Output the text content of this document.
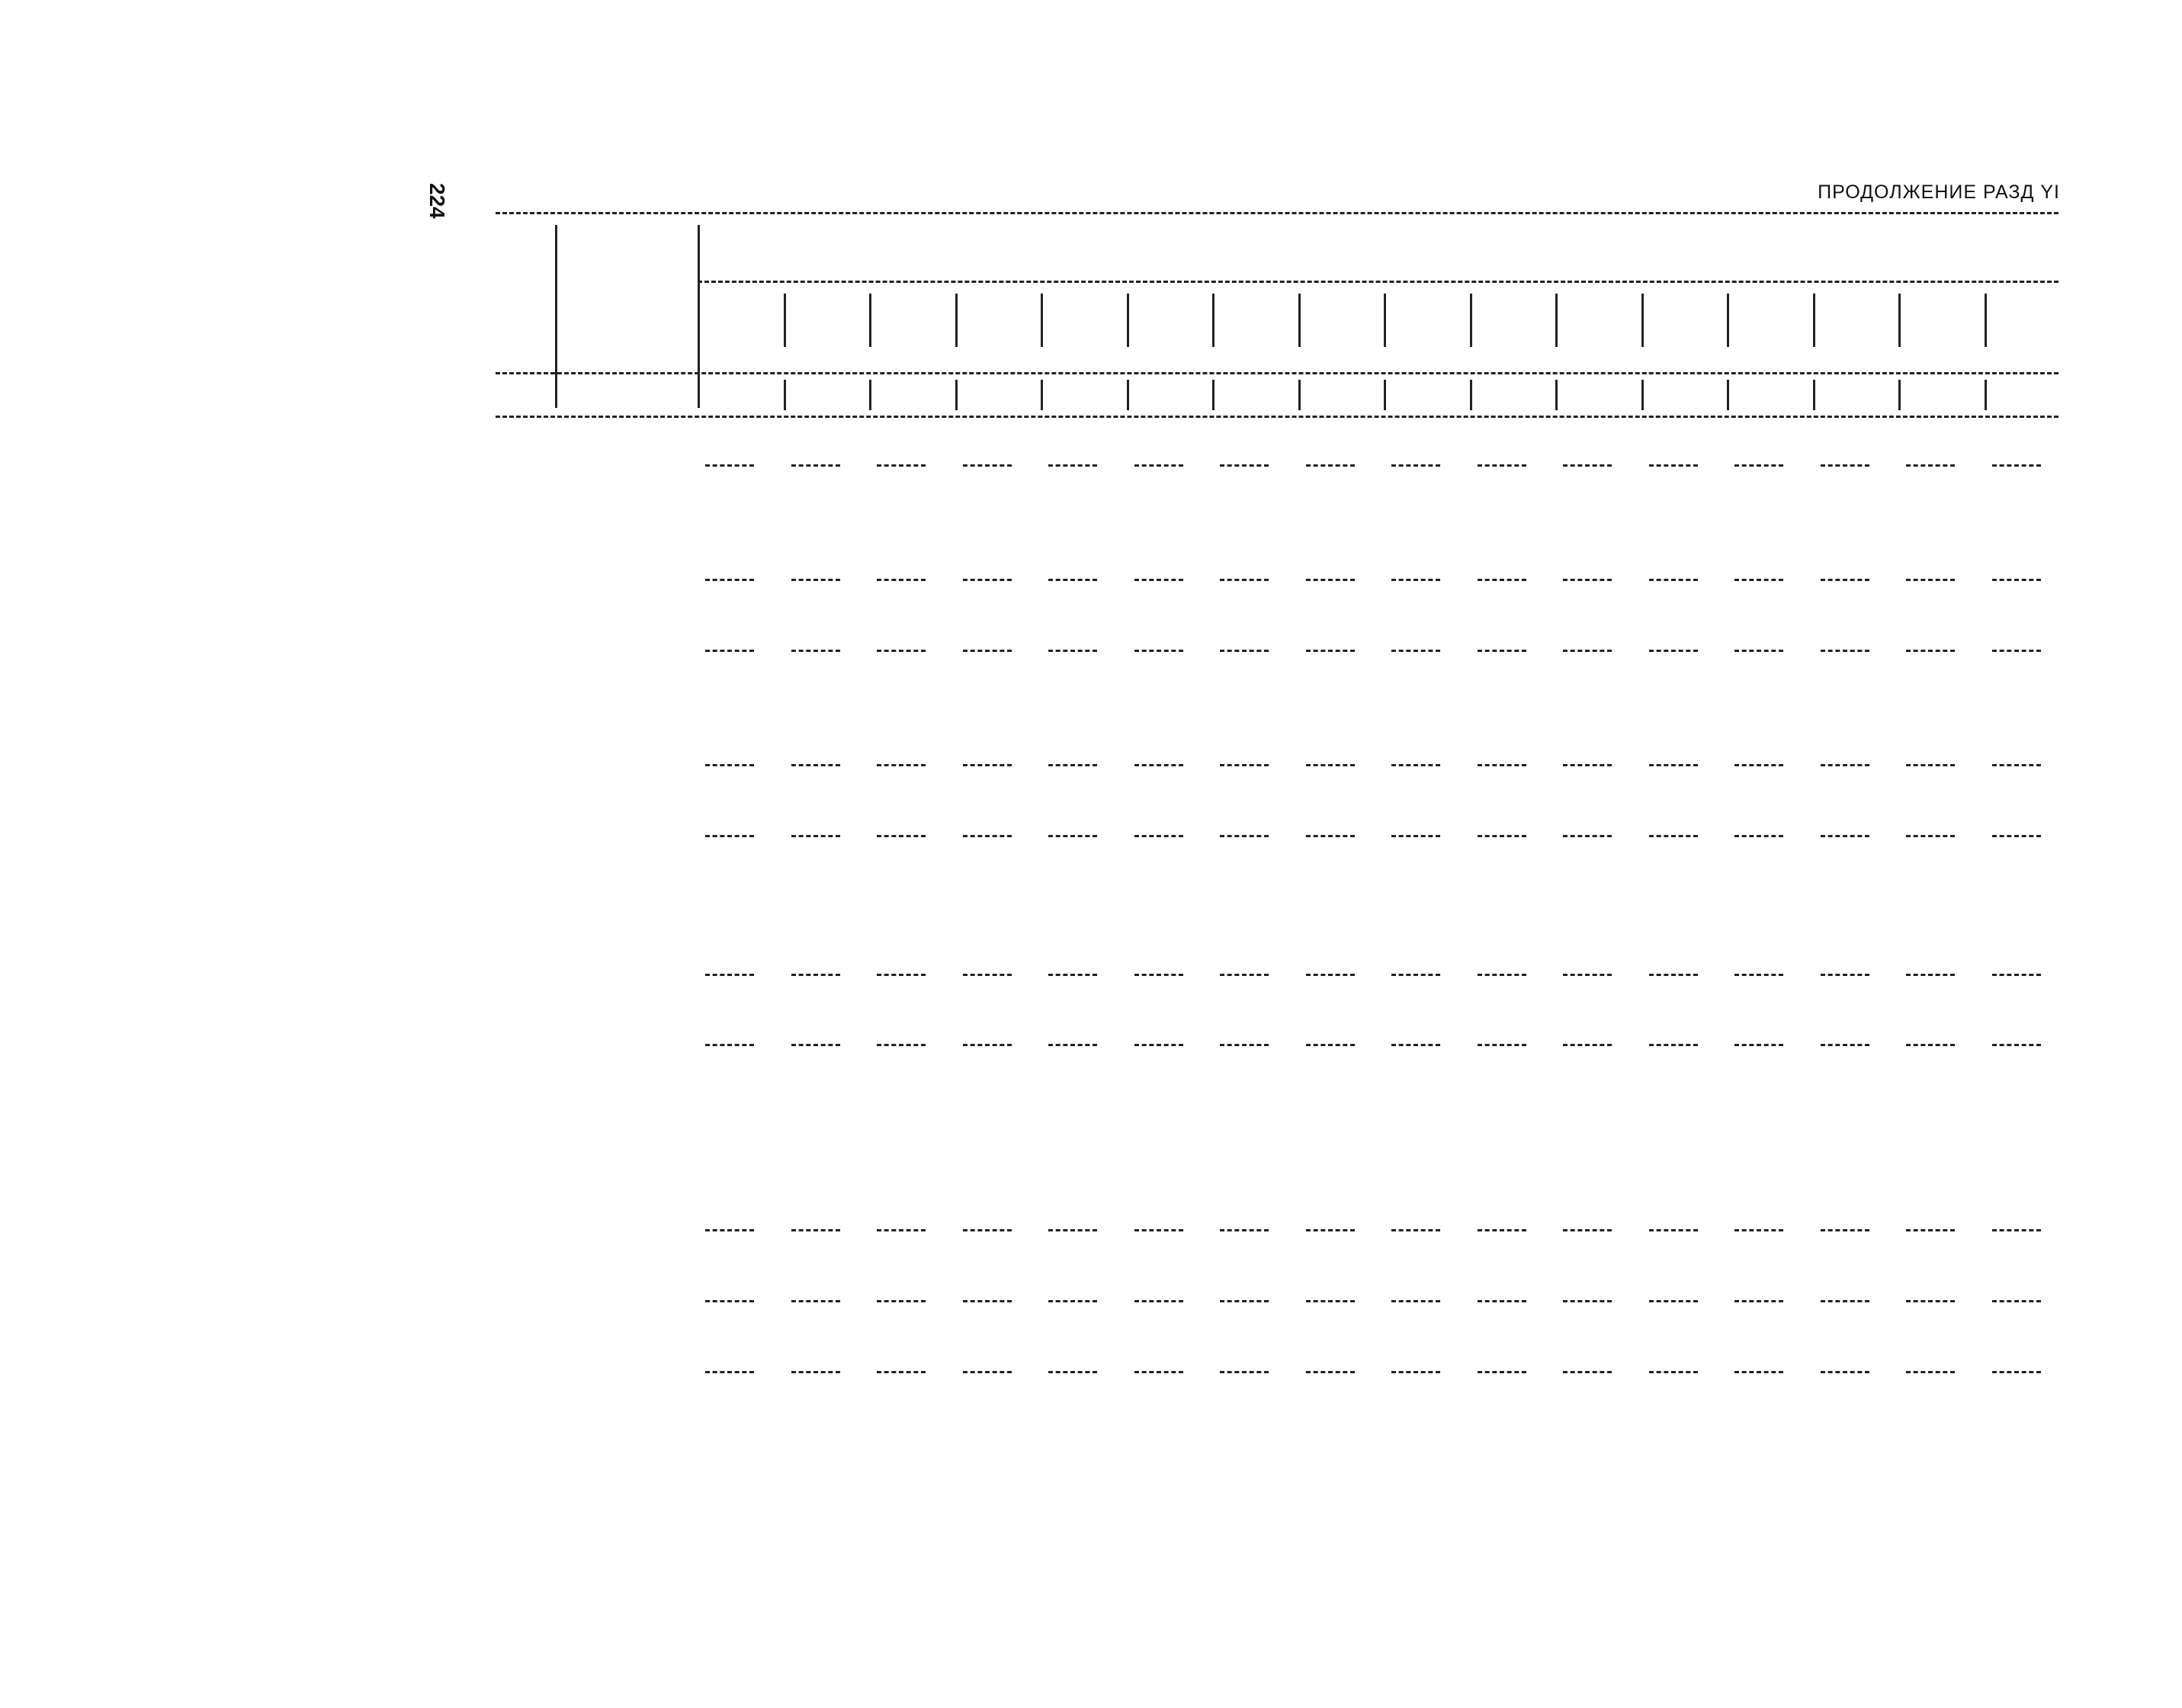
224	ПРОДОЛЖЕНИЕ РАЗД YI
